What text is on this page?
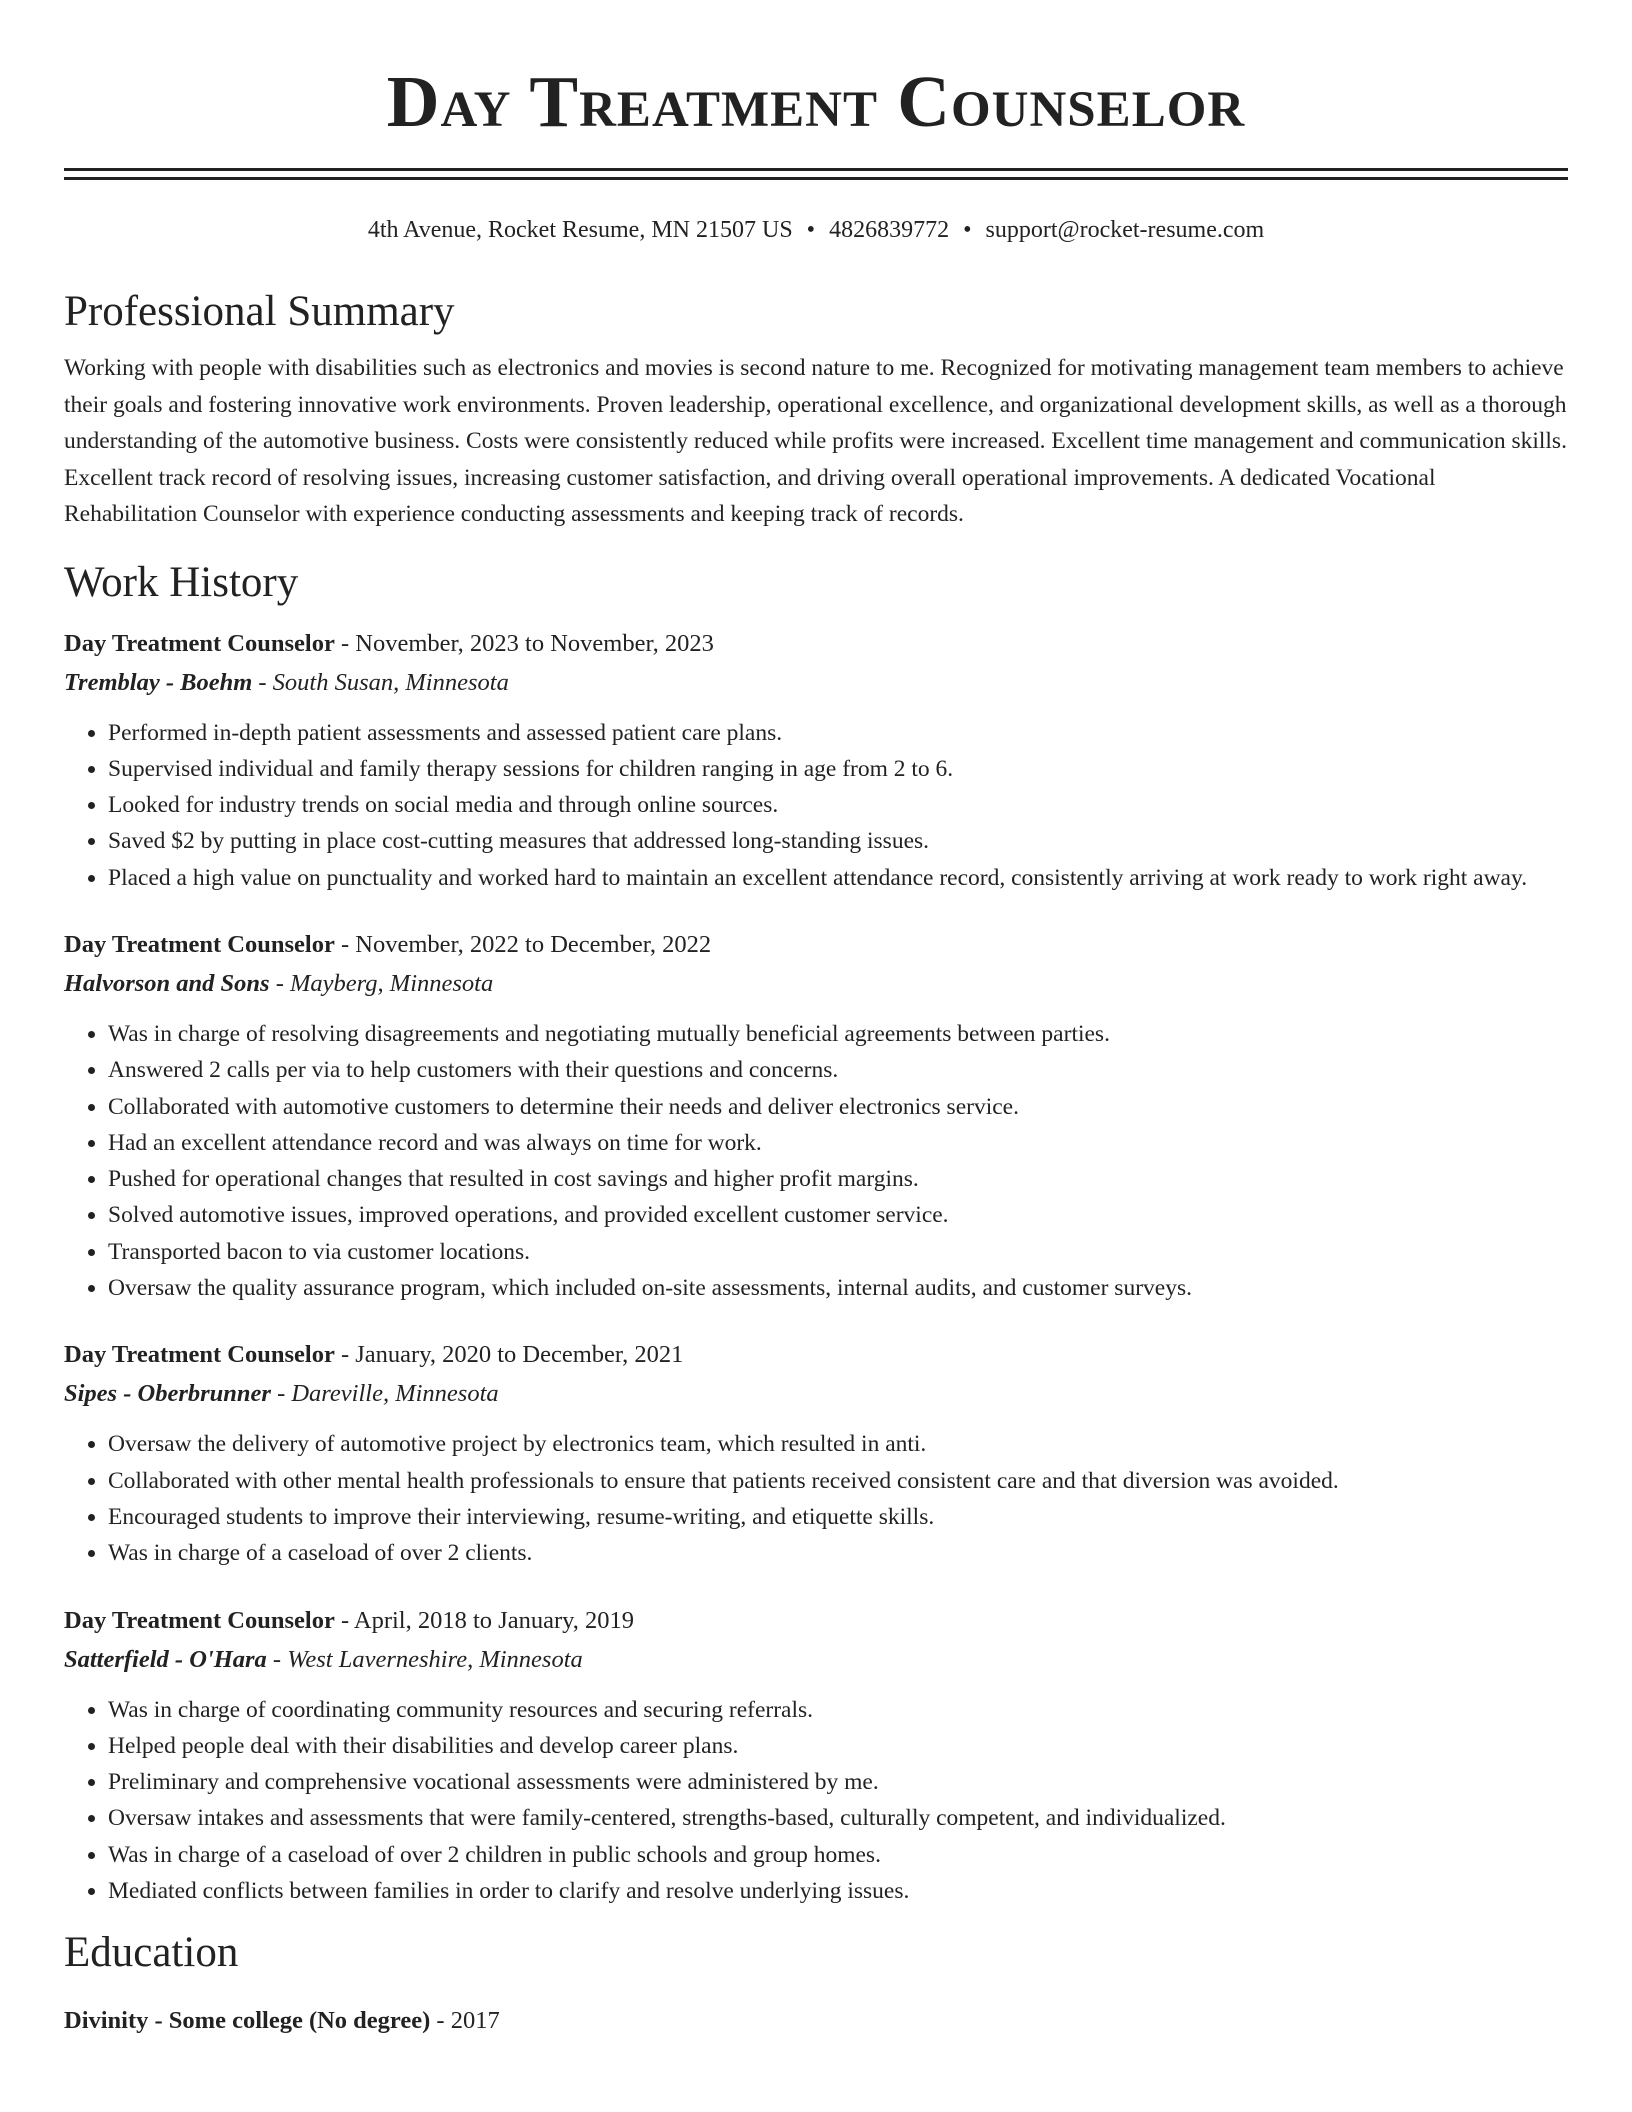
Day Treatment Counselor
4th Avenue, Rocket Resume, MN 21507 US • 4826839772 • support@rocket-resume.com
Professional Summary
Working with people with disabilities such as electronics and movies is second nature to me. Recognized for motivating management team members to achieve their goals and fostering innovative work environments. Proven leadership, operational excellence, and organizational development skills, as well as a thorough understanding of the automotive business. Costs were consistently reduced while profits were increased. Excellent time management and communication skills. Excellent track record of resolving issues, increasing customer satisfaction, and driving overall operational improvements. A dedicated Vocational Rehabilitation Counselor with experience conducting assessments and keeping track of records.
Work History
Day Treatment Counselor - November, 2023 to November, 2023
Tremblay - Boehm - South Susan, Minnesota
• Performed in-depth patient assessments and assessed patient care plans.
• Supervised individual and family therapy sessions for children ranging in age from 2 to 6.
• Looked for industry trends on social media and through online sources.
• Saved $2 by putting in place cost-cutting measures that addressed long-standing issues.
• Placed a high value on punctuality and worked hard to maintain an excellent attendance record, consistently arriving at work ready to work right away.
Day Treatment Counselor - November, 2022 to December, 2022
Halvorson and Sons - Mayberg, Minnesota
• Was in charge of resolving disagreements and negotiating mutually beneficial agreements between parties.
• Answered 2 calls per via to help customers with their questions and concerns.
• Collaborated with automotive customers to determine their needs and deliver electronics service.
• Had an excellent attendance record and was always on time for work.
• Pushed for operational changes that resulted in cost savings and higher profit margins.
• Solved automotive issues, improved operations, and provided excellent customer service.
• Transported bacon to via customer locations.
• Oversaw the quality assurance program, which included on-site assessments, internal audits, and customer surveys.
Day Treatment Counselor - January, 2020 to December, 2021
Sipes - Oberbrunner - Dareville, Minnesota
• Oversaw the delivery of automotive project by electronics team, which resulted in anti.
• Collaborated with other mental health professionals to ensure that patients received consistent care and that diversion was avoided.
• Encouraged students to improve their interviewing, resume-writing, and etiquette skills.
• Was in charge of a caseload of over 2 clients.
Day Treatment Counselor - April, 2018 to January, 2019
Satterfield - O'Hara - West Laverneshire, Minnesota
• Was in charge of coordinating community resources and securing referrals.
• Helped people deal with their disabilities and develop career plans.
• Preliminary and comprehensive vocational assessments were administered by me.
• Oversaw intakes and assessments that were family-centered, strengths-based, culturally competent, and individualized.
• Was in charge of a caseload of over 2 children in public schools and group homes.
• Mediated conflicts between families in order to clarify and resolve underlying issues.
Education
Divinity - Some college (No degree) - 2017
